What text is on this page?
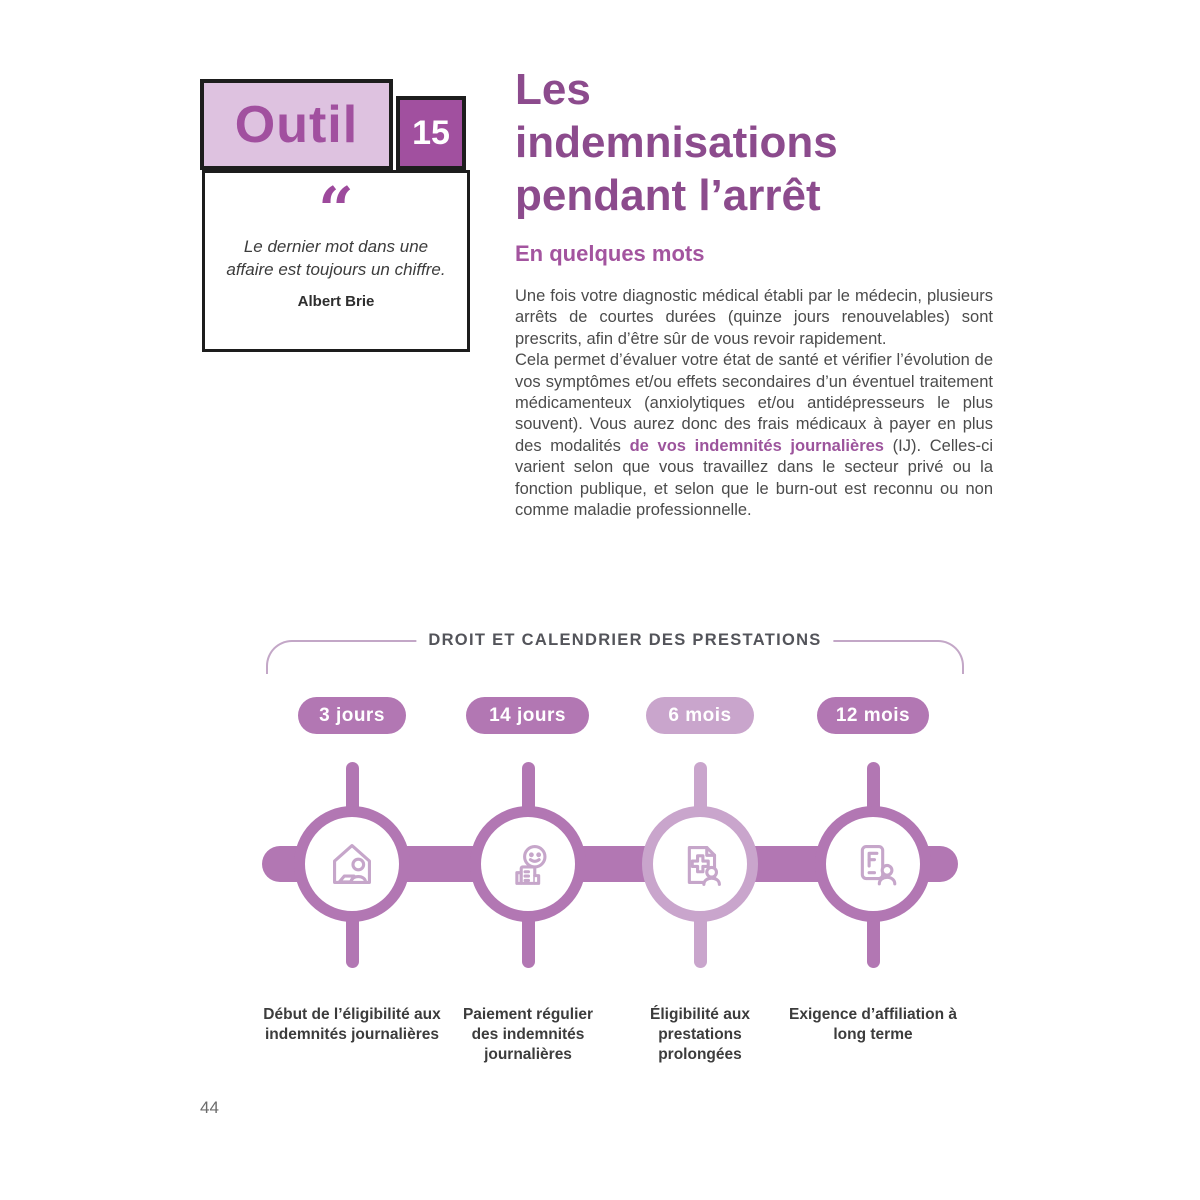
Outil 15
“
Le dernier mot dans une affaire est toujours un chiffre.
Albert Brie
Les
indemnisations
pendant l’arrêt
En quelques mots

Une fois votre diagnostic médical établi par le médecin, plusieurs arrêts de courtes durées (quinze jours renouvelables) sont prescrits, afin d’être sûr de vous revoir rapidement.

Cela permet d’évaluer votre état de santé et vérifier l’évolution de vos symptômes et/ou effets secondaires d’un éventuel traitement médicamenteux (anxiolytiques et/ou antidépresseurs le plus souvent). Vous aurez donc des frais médicaux à payer en plus des modalités de vos indemnités journalières (IJ). Celles-ci varient selon que vous travaillez dans le secteur privé ou la fonction publique, et selon que le burn-out est reconnu ou non comme maladie professionnelle.

DROIT ET CALENDRIER DES PRESTATIONS
3 jours	14 jours	6 mois	12 mois
Début de l’éligibilité aux indemnités journalières
Paiement régulier des indemnités journalières
Éligibilité aux prestations prolongées
Exigence d’affiliation à long terme
44
